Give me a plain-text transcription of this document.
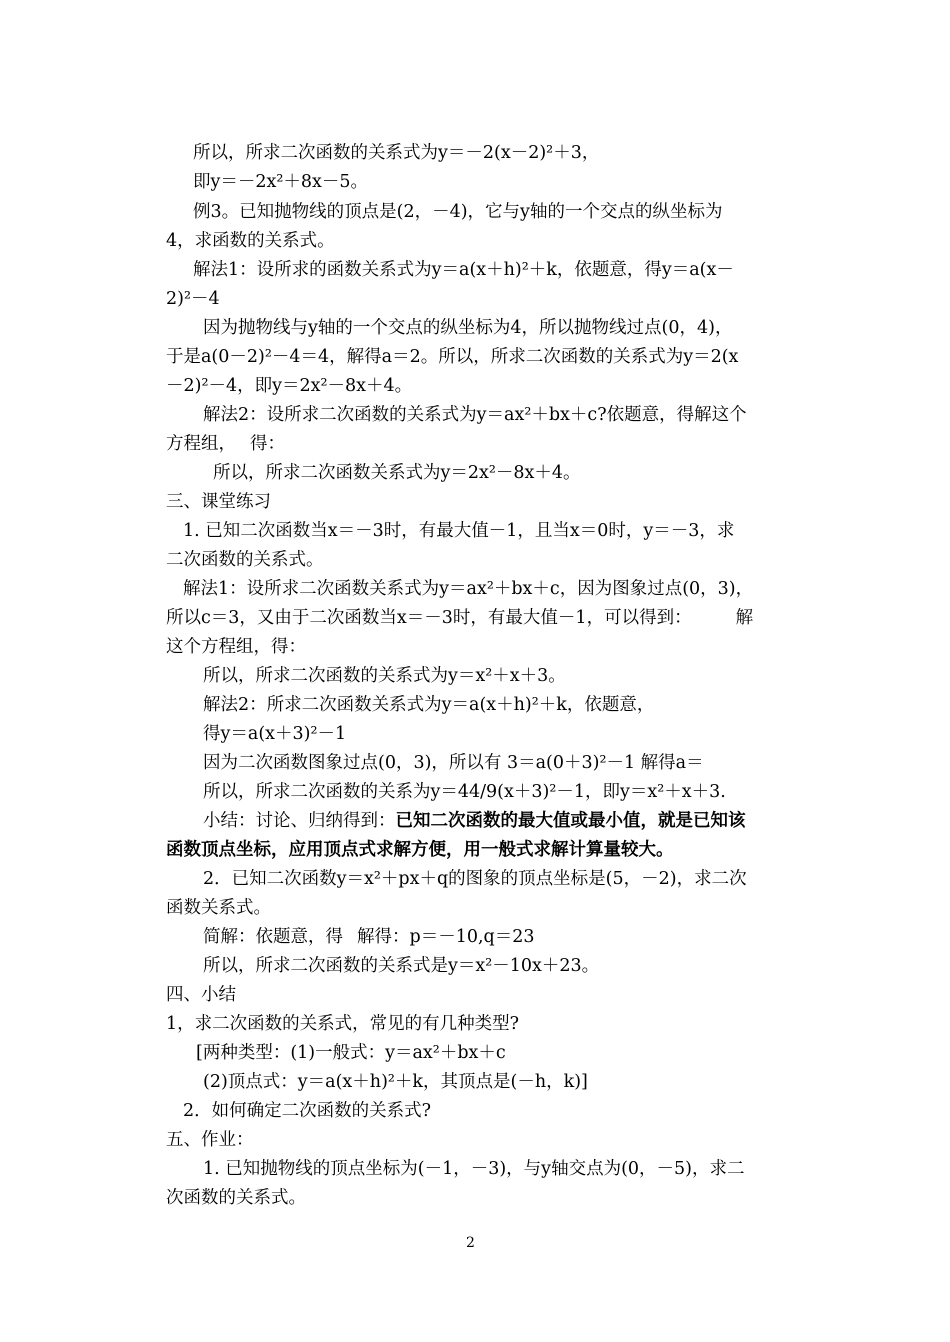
所以，所求二次函数的关系式为y＝－2(x－2)²＋3，
即y＝－2x²＋8x－5。
例3。已知抛物线的顶点是(2，－4)，它与y轴的一个交点的纵坐标为
4，求函数的关系式。
解法1：设所求的函数关系式为y＝a(x＋h)²＋k，依题意，得y＝a(x－
2)²－4
因为抛物线与y轴的一个交点的纵坐标为4，所以抛物线过点(0，4)，
于是a(0－2)²－4＝4，解得a＝2。所以，所求二次函数的关系式为y＝2(x
－2)²－4，即y＝2x²－8x＋4。
解法2：设所求二次函数的关系式为y＝ax²＋bx＋c?依题意，得解这个
方程组， 得：
所以，所求二次函数关系式为y＝2x²－8x＋4。
三、课堂练习
1. 已知二次函数当x＝－3时，有最大值－1，且当x＝0时，y＝－3，求
二次函数的关系式。
解法1：设所求二次函数关系式为y＝ax²＋bx＋c，因为图象过点(0，3)，
所以c＝3，又由于二次函数当x＝－3时，有最大值－1，可以得到：	解
这个方程组，得：
所以，所求二次函数的关系式为y＝x²＋x＋3。
解法2：所求二次函数关系式为y＝a(x＋h)²＋k，依题意，
得y＝a(x＋3)²－1
因为二次函数图象过点(0，3)，所以有 3＝a(0＋3)²－1 解得a＝
所以，所求二次函数的关系为y＝44/9(x＋3)²－1，即y＝x²＋x＋3.
小结：讨论、归纳得到：已知二次函数的最大值或最小值，就是已知该
函数顶点坐标，应用顶点式求解方便，用一般式求解计算量较大。
2．已知二次函数y＝x²＋px＋q的图象的顶点坐标是(5，－2)，求二次
函数关系式。
简解：依题意，得 解得：p＝－10,q＝23
所以，所求二次函数的关系式是y＝x²－10x＋23。
四、小结
1，求二次函数的关系式，常见的有几种类型?
[两种类型：(1)一般式：y＝ax²＋bx＋c
(2)顶点式：y＝a(x＋h)²＋k，其顶点是(－h，k)]
2．如何确定二次函数的关系式?
五、作业：
1. 已知抛物线的顶点坐标为(－1，－3)，与y轴交点为(0，－5)，求二
次函数的关系式。
2
